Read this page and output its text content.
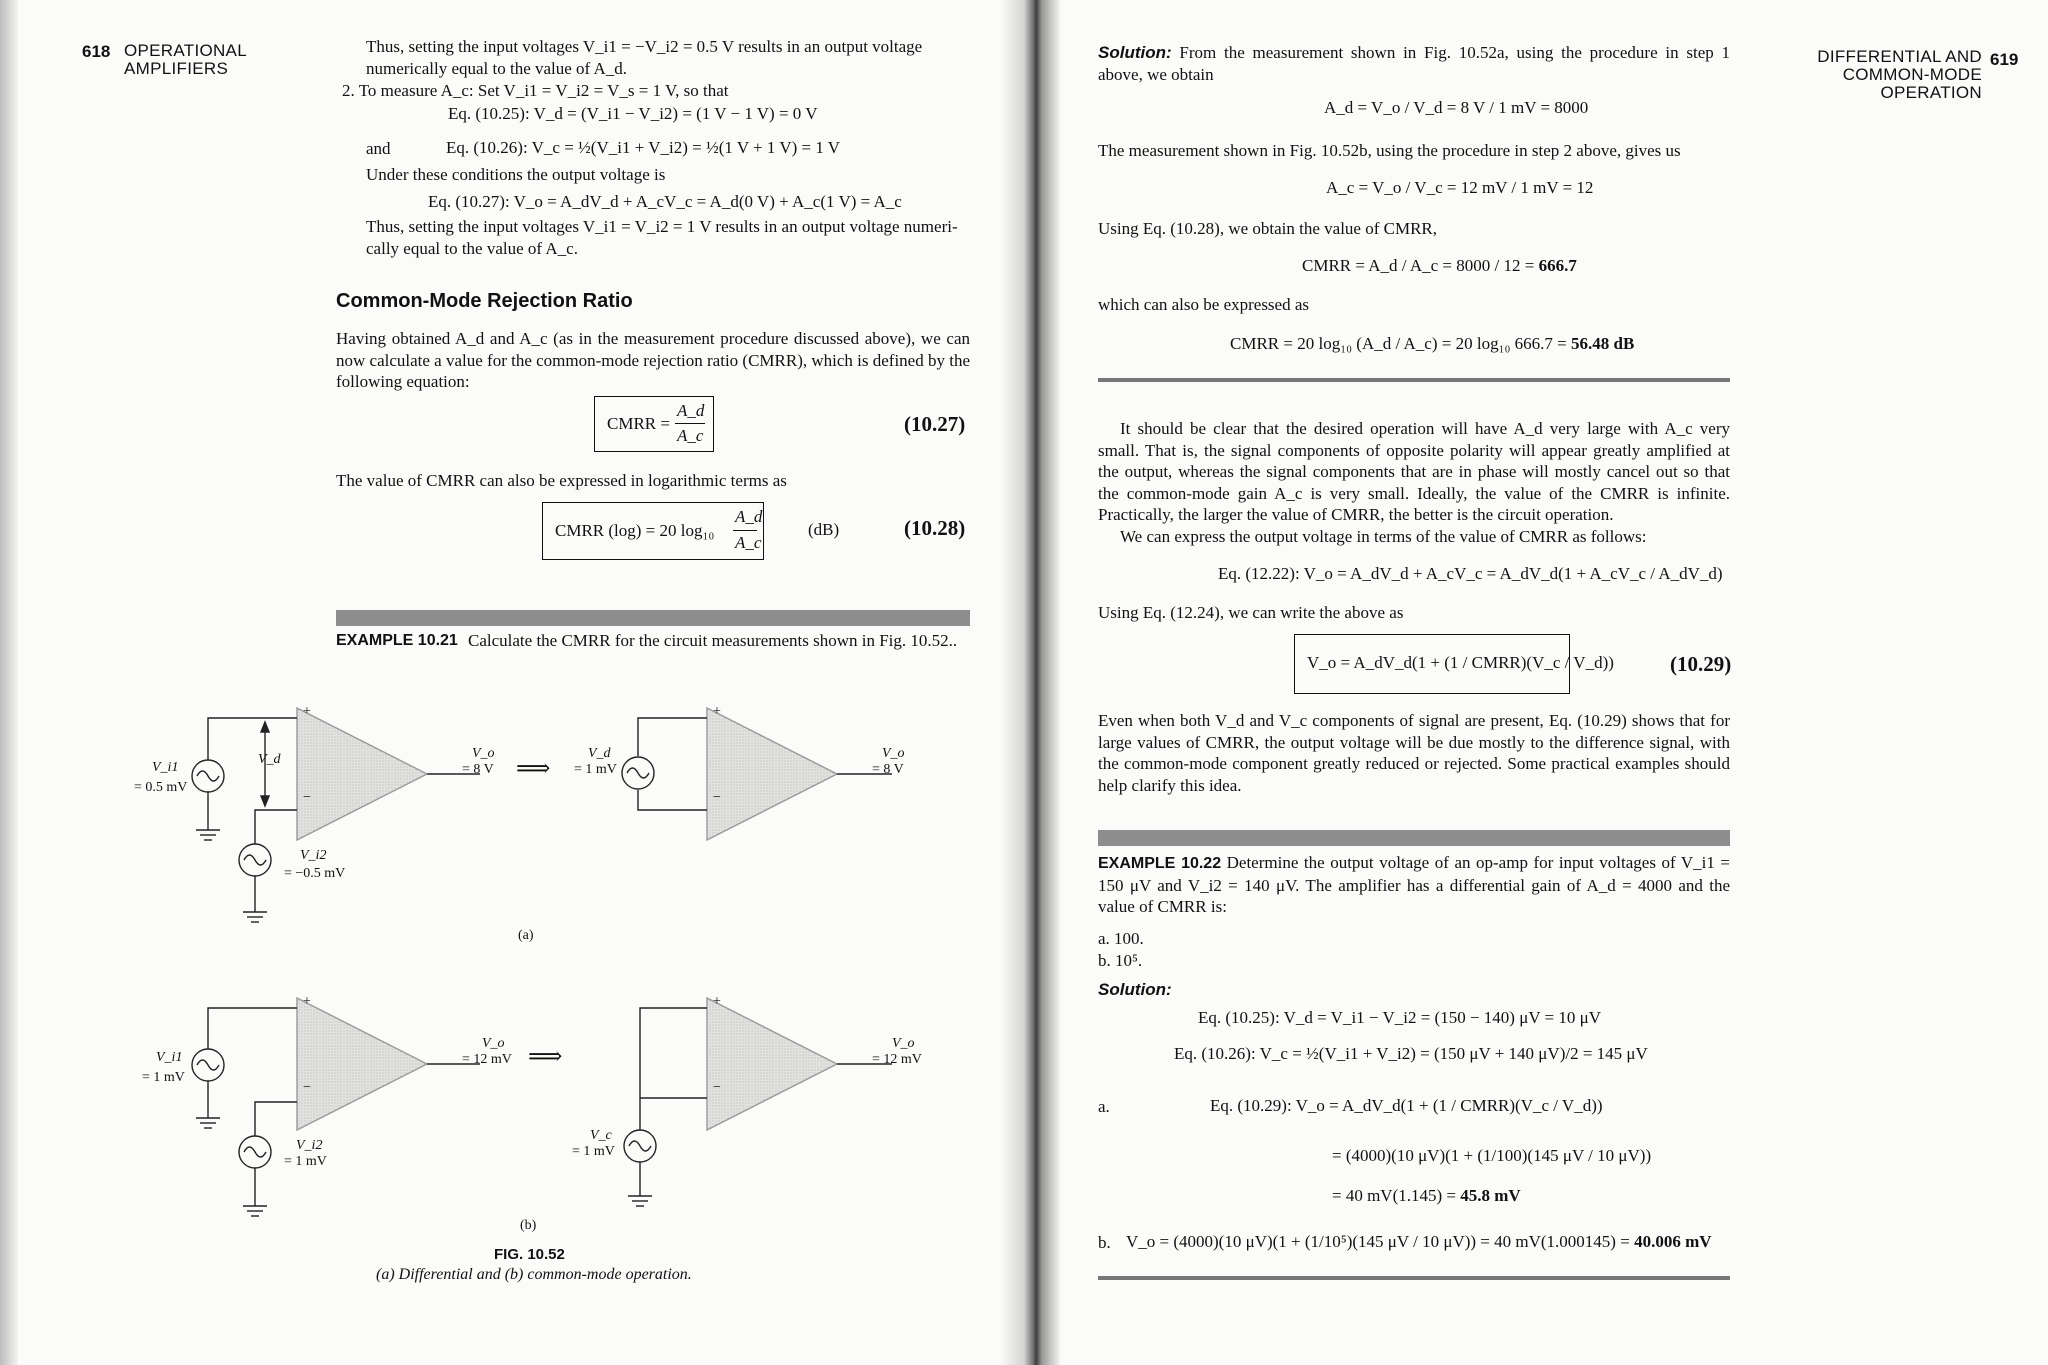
618 OPERATIONAL
AMPLIFIERS
Thus, setting the input voltages V_i1 = −V_i2 = 0.5 V results in an output voltage
numerically equal to the value of A_d.
2. To measure A_c: Set V_i1 = V_i2 = V_s = 1 V, so that
Eq. (10.25): V_d = (V_i1 − V_i2) = (1 V − 1 V) = 0 V
and	Eq. (10.26): V_c = ½(V_i1 + V_i2) = ½(1 V + 1 V) = 1 V
Under these conditions the output voltage is
Eq. (10.27): V_o = A_dV_d + A_cV_c = A_d(0 V) + A_c(1 V) = A_c
Thus, setting the input voltages V_i1 = V_i2 = 1 V results in an output voltage numeri-
cally equal to the value of A_c.
Common-Mode Rejection Ratio
Having obtained A_d and A_c (as in the measurement procedure discussed above), we can now calculate a value for the common-mode rejection ratio (CMRR), which is defined by the following equation:
CMRR =
A_d
A_c	(10.27)
The value of CMRR can also be expressed in logarithmic terms as
CMRR (log) = 20 log₁₀
A_d
A_c
(dB)	(10.28)
EXAMPLE 10.21 Calculate the CMRR for the circuit measurements shown in Fig. 10.52..
+
−
+
−
+
−
+
−
V_i1
= 0.5 mV
V_d
V_i2
= −0.5 mV
V_o
= 8 V ⟹
V_d
= 1 mV
V_o
= 8 V
(a)
V_i1
= 1 mV
V_i2
= 1 mV
V_o
= 12 mV ⟹
V_c
= 1 mV
V_o
= 12 mV
(b)
FIG. 10.52
(a) Differential and (b) common-mode operation.
DIFFERENTIAL AND
COMMON-MODE
OPERATION
619
Solution: From the measurement shown in Fig. 10.52a, using the procedure in step 1 above, we obtain
A_d = V_o / V_d = 8 V / 1 mV = 8000
The measurement shown in Fig. 10.52b, using the procedure in step 2 above, gives us
A_c = V_o / V_c = 12 mV / 1 mV = 12
Using Eq. (10.28), we obtain the value of CMRR,
CMRR = A_d / A_c = 8000 / 12 = 666.7
which can also be expressed as
CMRR = 20 log₁₀ (A_d / A_c) = 20 log₁₀ 666.7 = 56.48 dB
It should be clear that the desired operation will have A_d very large with A_c very small. That is, the signal components of opposite polarity will appear greatly amplified at the output, whereas the signal components that are in phase will mostly cancel out so that the common-mode gain A_c is very small. Ideally, the value of the CMRR is infinite. Practically, the larger the value of CMRR, the better is the circuit operation.
We can express the output voltage in terms of the value of CMRR as follows:
Eq. (12.22): V_o = A_dV_d + A_cV_c = A_dV_d(1 + A_cV_c / A_dV_d)
Using Eq. (12.24), we can write the above as
V_o = A_dV_d(1 + (1 / CMRR)(V_c / V_d))	(10.29)
Even when both V_d and V_c components of signal are present, Eq. (10.29) shows that for large values of CMRR, the output voltage will be due mostly to the difference signal, with the common-mode component greatly reduced or rejected. Some practical examples should help clarify this idea.
EXAMPLE 10.22 Determine the output voltage of an op-amp for input voltages of V_i1 = 150 μV and V_i2 = 140 μV. The amplifier has a differential gain of A_d = 4000 and the value of CMRR is:
a. 100.
b. 10⁵.
Solution:
Eq. (10.25): V_d = V_i1 − V_i2 = (150 − 140) μV = 10 μV
Eq. (10.26): V_c = ½(V_i1 + V_i2) = (150 μV + 140 μV)/2 = 145 μV
a.	Eq. (10.29): V_o = A_dV_d(1 + (1 / CMRR)(V_c / V_d))
= (4000)(10 μV)(1 + (1/100)(145 μV / 10 μV))
= 40 mV(1.145) = 45.8 mV
b. V_o = (4000)(10 μV)(1 + (1/10⁵)(145 μV / 10 μV)) = 40 mV(1.000145) = 40.006 mV
